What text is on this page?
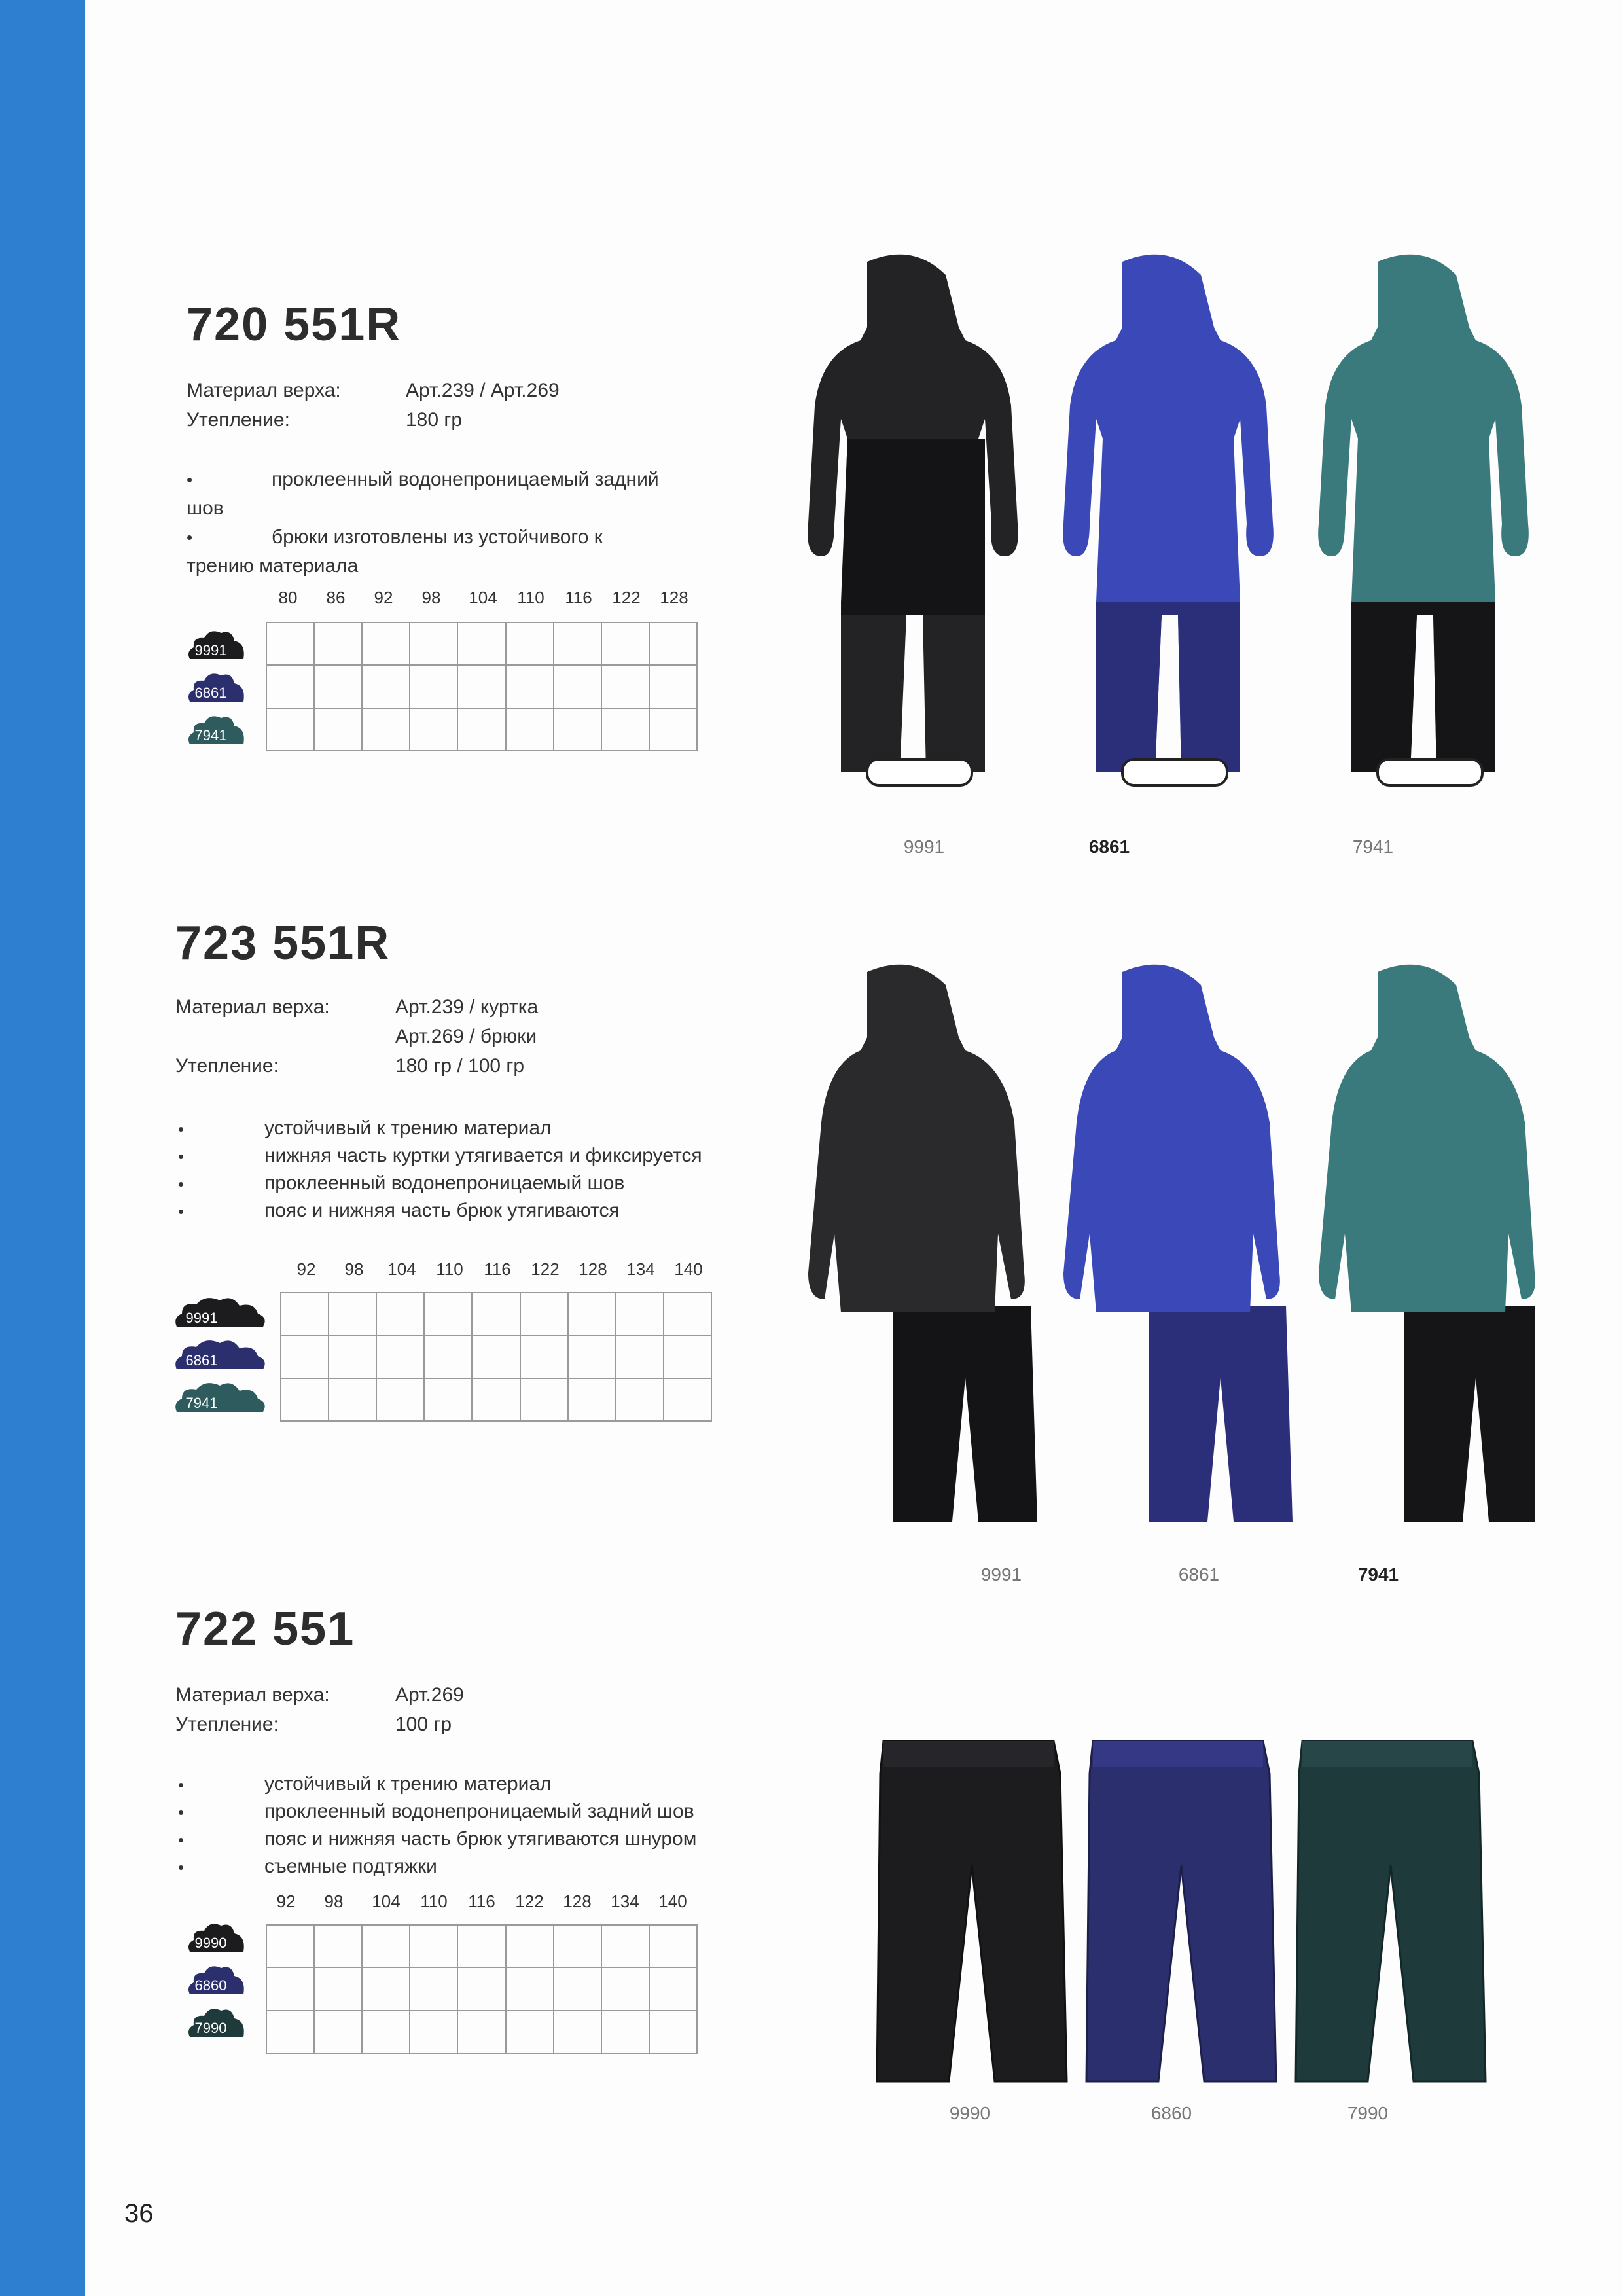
720 551R
Материал верха:	Арт.239 / Арт.269
Утепление:	180 гр
•	проклеенный водонепроницаемый задний
шов
•	брюки изготовлены из устойчивого к
трению материала
80	86	92	98	104	110	116	122	128

9991
6861
7941
9991	6861	7941
723 551R
Материал верха:	Арт.239 / куртка
Арт.269 / брюки
Утепление:	180 гр / 100 гр
•	устойчивый к трению материал
•	нижняя часть куртки утягивается и фиксируется
•	проклеенный водонепроницаемый шов
•	пояс и нижняя часть брюк утягиваются
92	98	104	110	116	122	128	134	140

9991
6861
7941
9991	6861	7941
722 551
Материал верха:	Арт.269
Утепление:	100 гр
•	устойчивый к трению материал
•	проклеенный водонепроницаемый задний шов
•	пояс и нижняя часть брюк утягиваются шнуром
•	съемные подтяжки
92	98	104	110	116	122	128	134	140

9990
6860
7990
9990	6860	7990
36
